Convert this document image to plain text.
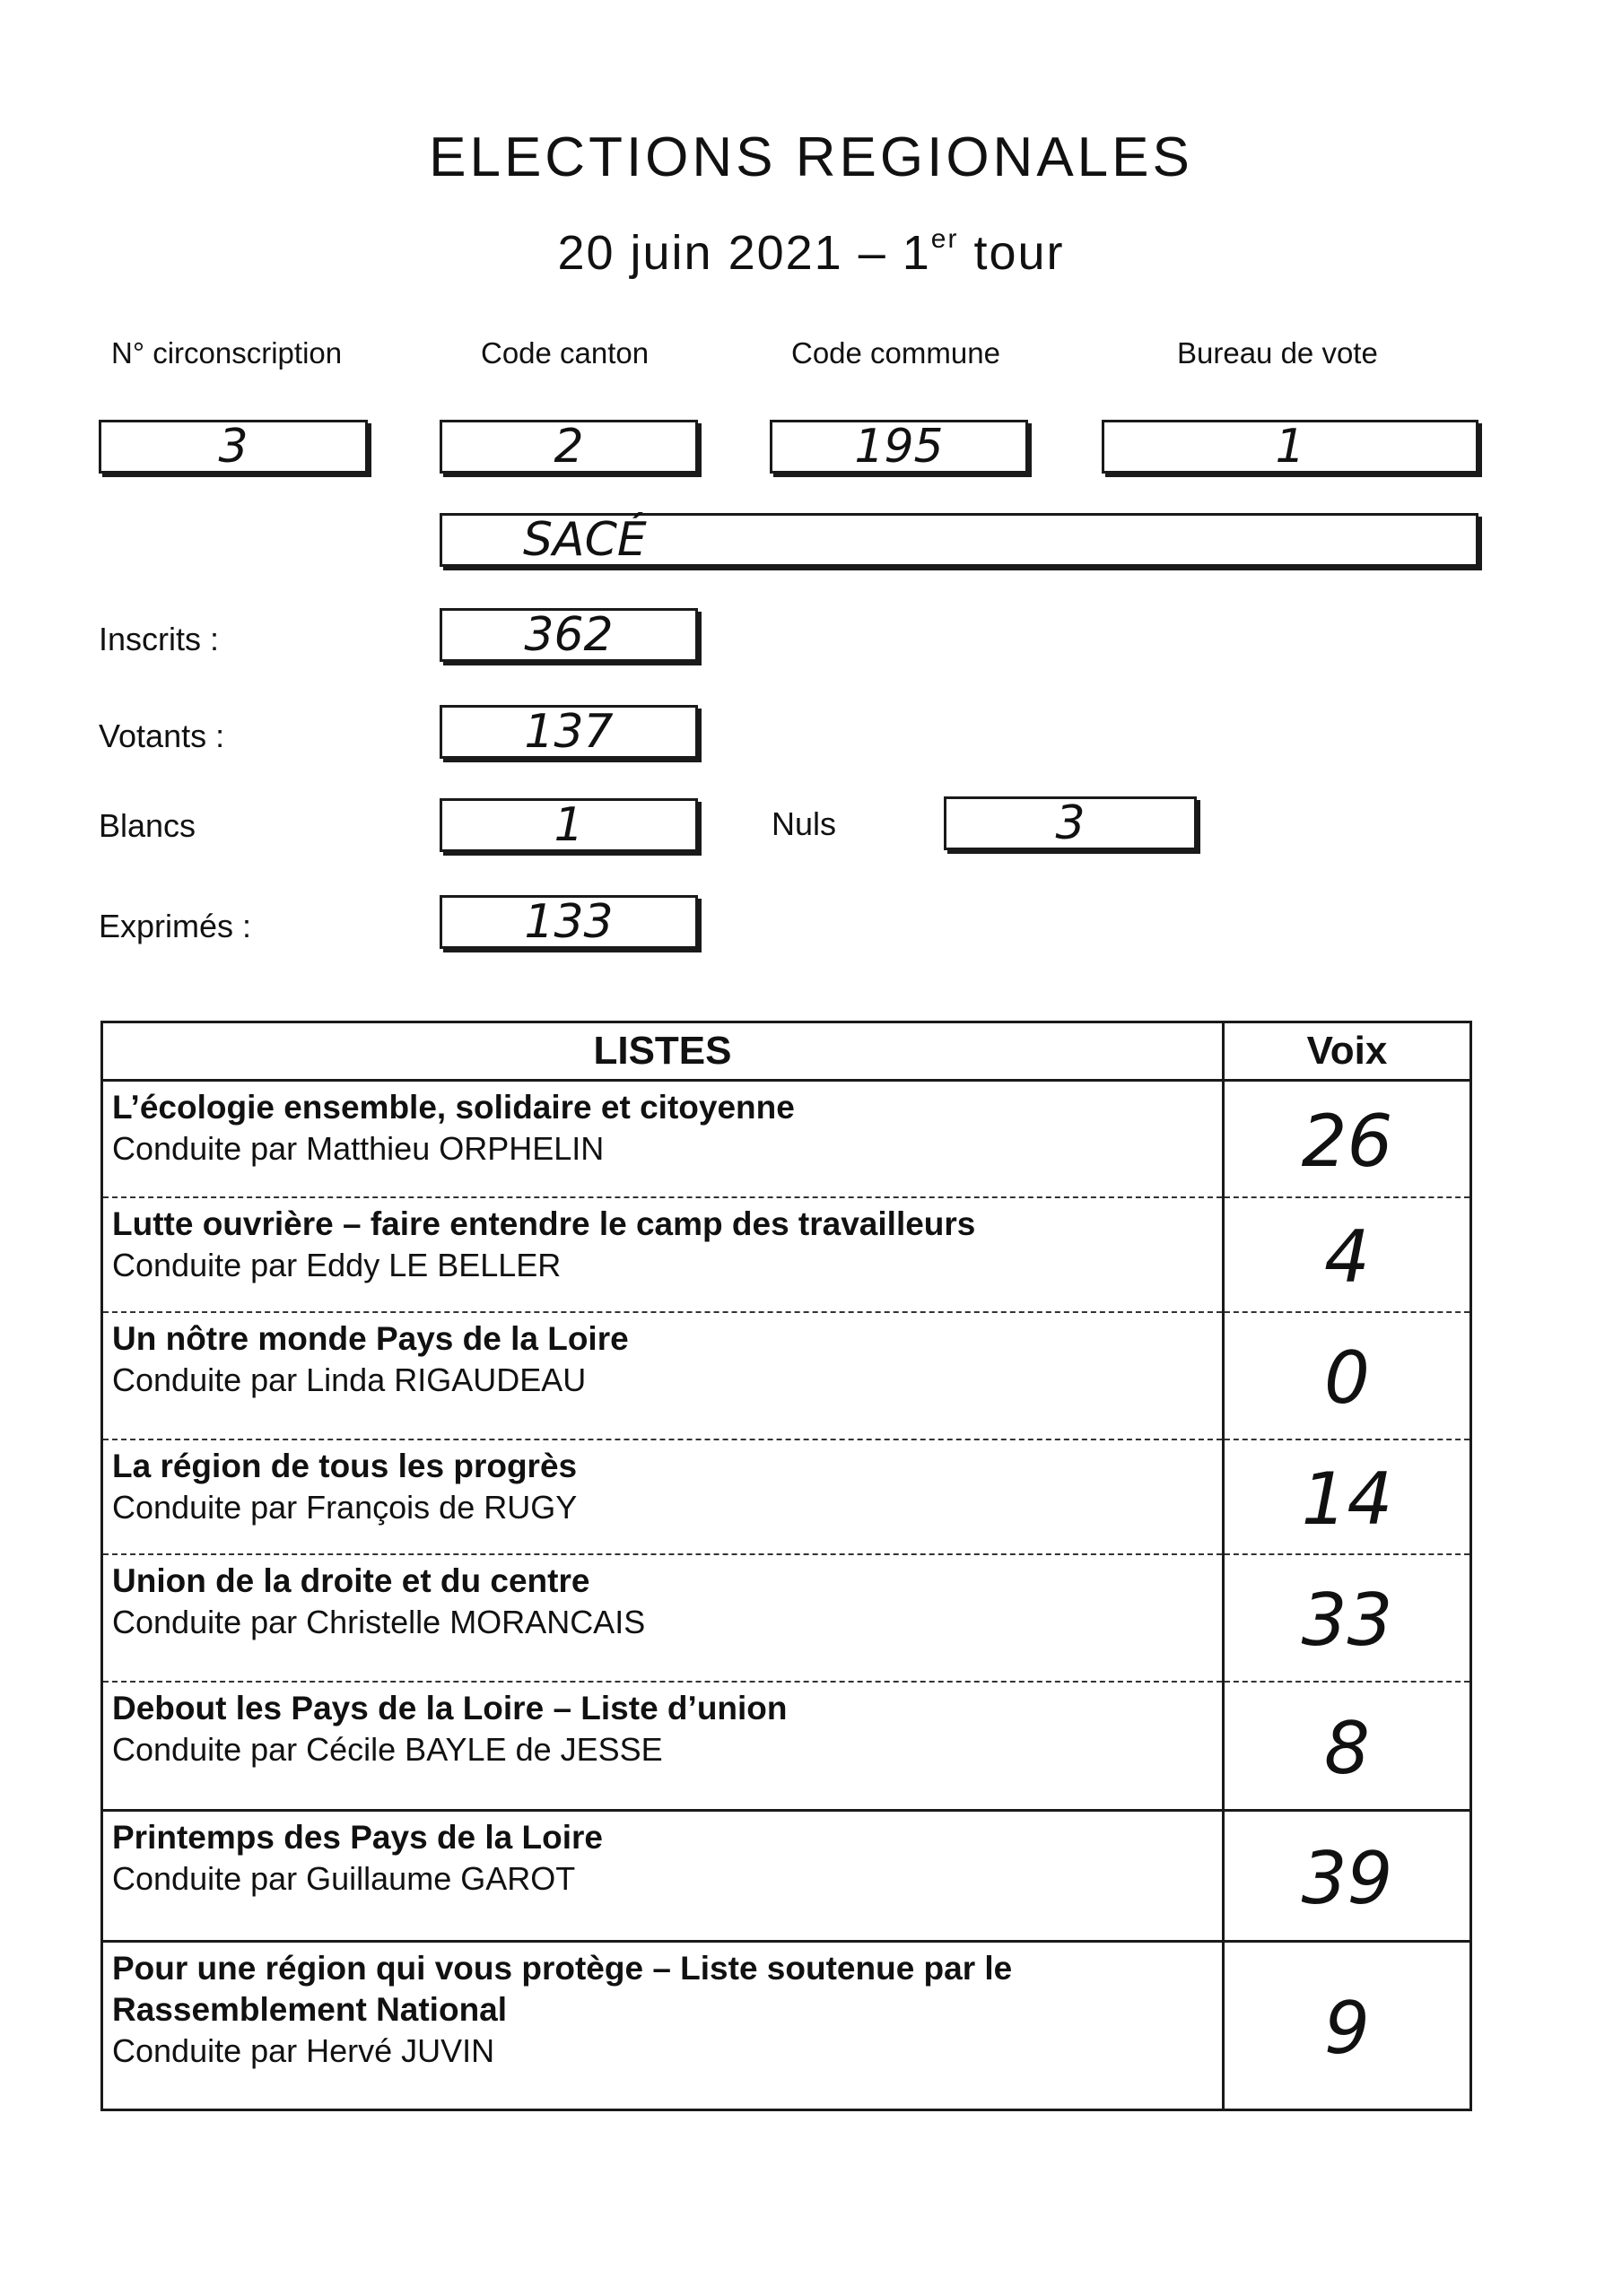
ELECTIONS REGIONALES
20 juin 2021 – 1er tour
N° circonscription	Code canton	Code commune	Bureau de vote
3	2	195	1
SACÉ
Inscrits :	362
Votants :	137
Blancs	1	Nuls	3
Exprimés :	133
LISTES	Voix

L’écologie ensemble, solidaire et citoyenne
Conduite par Matthieu ORPHELIN	26

Lutte ouvrière – faire entendre le camp des travailleurs
Conduite par Eddy LE BELLER	4

Un nôtre monde Pays de la Loire
Conduite par Linda RIGAUDEAU	0

La région de tous les progrès
Conduite par François de RUGY	14

Union de la droite et du centre
Conduite par Christelle MORANCAIS	33

Debout les Pays de la Loire – Liste d’union
Conduite par Cécile BAYLE de JESSE	8

Printemps des Pays de la Loire
Conduite par Guillaume GAROT	39

Pour une région qui vous protège – Liste soutenue par le Rassemblement National
Conduite par Hervé JUVIN	9
